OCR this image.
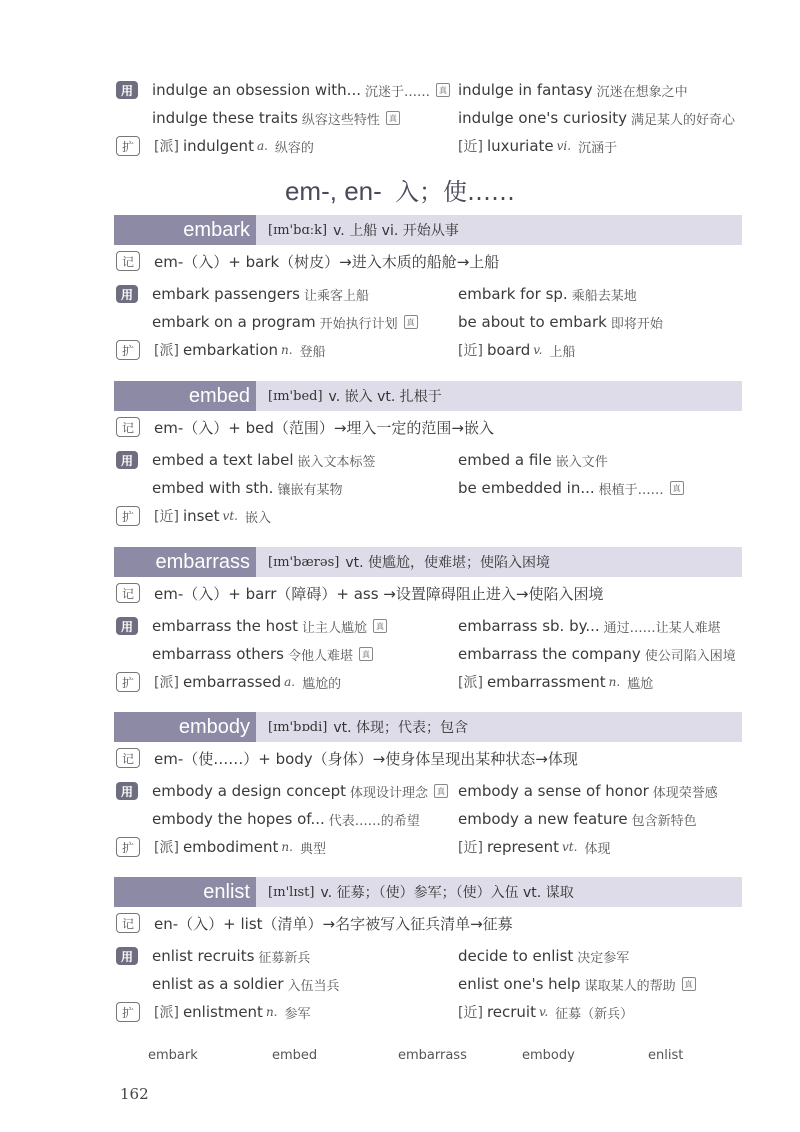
用	indulge an obsession with... 沉迷于……	真 indulge in fantasy 沉迷在想象之中
indulge these traits 纵容这些特性	真	indulge one's curiosity 满足某人的好奇心
扩	[派] indulgent a. 纵容的	[近] luxuriate vi. 沉涵于
em-, en- 入；使……
embark	[ɪm'bɑːk] v. 上船 vi. 开始从事
记	em-（入）+ bark（树皮）→进入木质的船舱→上船
用	embark passengers 让乘客上船	embark for sp. 乘船去某地
embark on a program 开始执行计划	真	be about to embark 即将开始
扩	[派] embarkation n. 登船	[近] board v. 上船
embed	[ɪm'bed] v. 嵌入 vt. 扎根于
记	em-（入）+ bed（范围）→埋入一定的范围→嵌入
用	embed a text label 嵌入文本标签	embed a file 嵌入文件
embed with sth. 镶嵌有某物	be embedded in... 根植于……	真
扩	[近] inset vt. 嵌入
embarrass	[ɪm'bærəs] vt. 使尴尬，使难堪；使陷入困境
记	em-（入）+ barr（障碍）+ ass →设置障碍阻止进入→使陷入困境
用	embarrass the host 让主人尴尬	真	embarrass sb. by... 通过……让某人难堪
embarrass others 令他人难堪	真	embarrass the company 使公司陷入困境
扩	[派] embarrassed a. 尴尬的	[派] embarrassment n. 尴尬
embody	[ɪm'bɒdi] vt. 体现；代表；包含
记	em-（使……）+ body（身体）→使身体呈现出某种状态→体现
用	embody a design concept 体现设计理念	真 embody a sense of honor 体现荣誉感
embody the hopes of... 代表……的希望	embody a new feature 包含新特色
扩	[派] embodiment n. 典型	[近] represent vt. 体现
enlist	[ɪn'lɪst] v. 征募；（使）参军；（使）入伍 vt. 谋取
记	en-（入）+ list（清单）→名字被写入征兵清单→征募
用	enlist recruits 征募新兵	decide to enlist 决定参军
enlist as a soldier 入伍当兵	enlist one's help 谋取某人的帮助	真
扩	[派] enlistment n. 参军	[近] recruit v. 征募（新兵）
embark	embed	embarrass	embody	enlist
162
